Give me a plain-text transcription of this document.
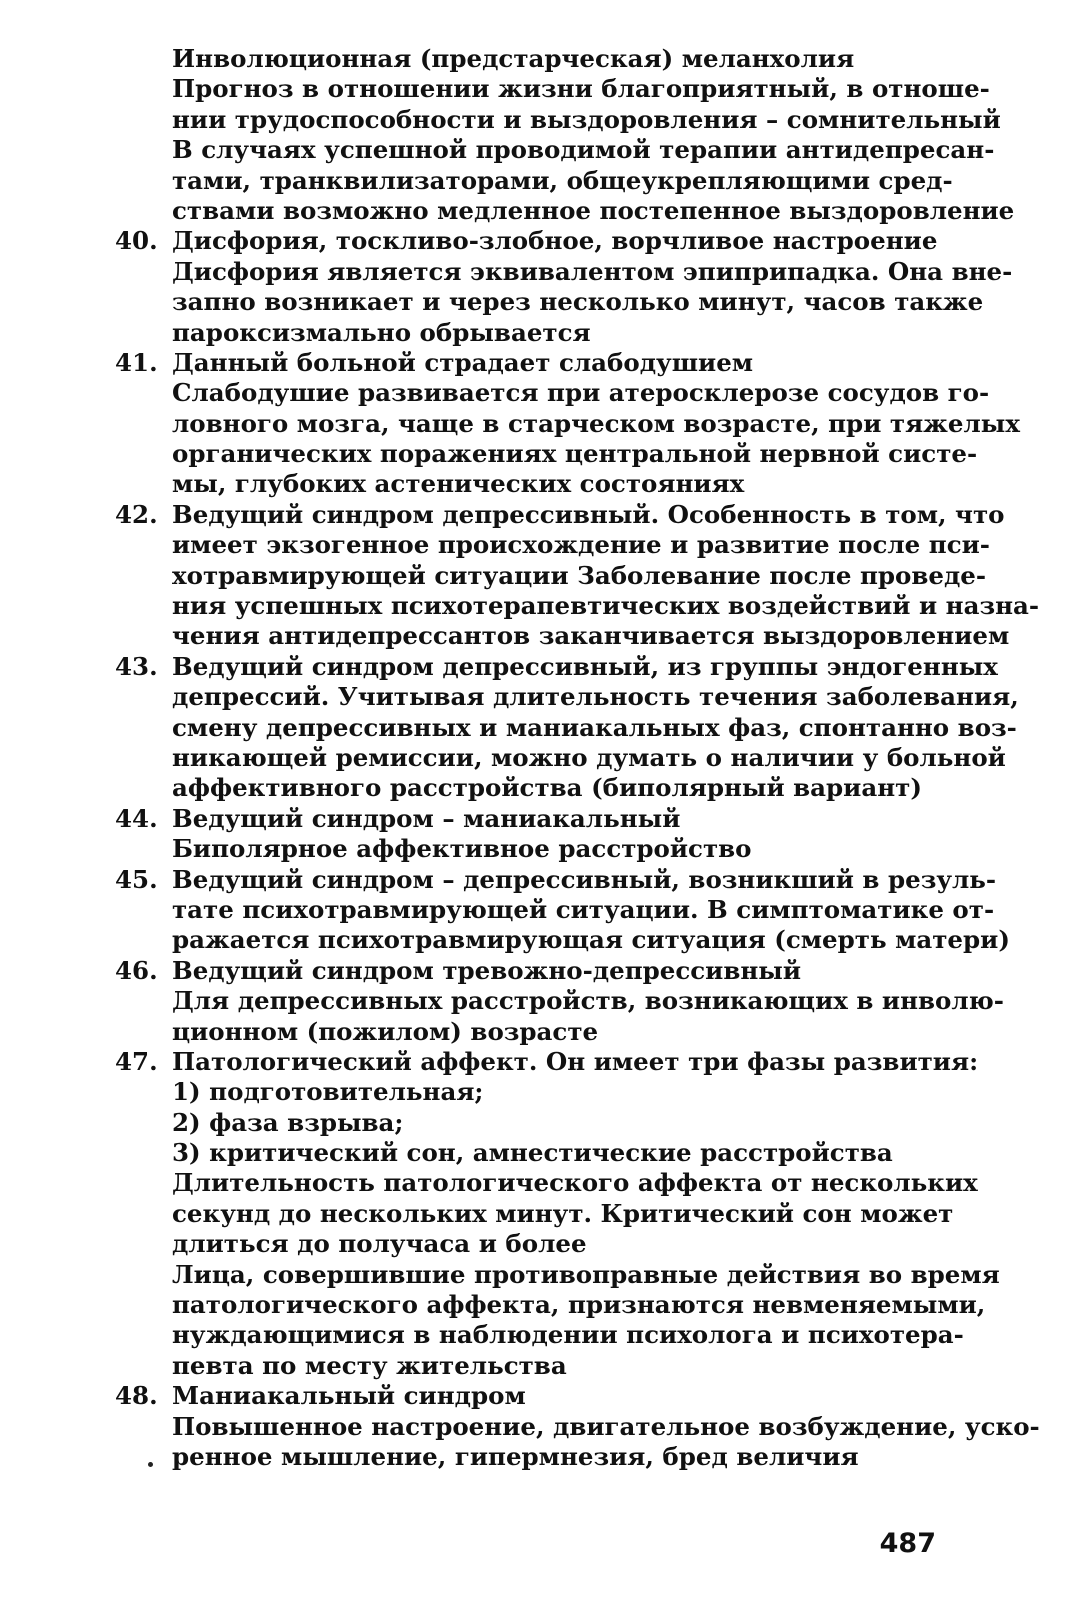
Инволюционная (предстарческая) меланхолия
Прогноз в отношении жизни благоприятный, в отноше-
нии трудоспособности и выздоровления – сомнительный
В случаях успешной проводимой терапии антидепресан-
тами, транквилизаторами, общеукрепляющими сред-
ствами возможно медленное постепенное выздоровление
40. Дисфория, тоскливо-злобное, ворчливое настроение
Дисфория является эквивалентом эпиприпадка. Она вне-
запно возникает и через несколько минут, часов также
пароксизмально обрывается
41. Данный больной страдает слабодушием
Слабодушие развивается при атеросклерозе сосудов го-
ловного мозга, чаще в старческом возрасте, при тяжелых
органических поражениях центральной нервной систе-
мы, глубоких астенических состояниях
42. Ведущий синдром депрессивный. Особенность в том, что
имеет экзогенное происхождение и развитие после пси-
хотравмирующей ситуации Заболевание после проведе-
ния успешных психотерапевтических воздействий и назна-
чения антидепрессантов заканчивается выздоровлением
43. Ведущий синдром депрессивный, из группы эндогенных
депрессий. Учитывая длительность течения заболевания,
смену депрессивных и маниакальных фаз, спонтанно воз-
никающей ремиссии, можно думать о наличии у больной
аффективного расстройства (биполярный вариант)
44. Ведущий синдром – маниакальный
Биполярное аффективное расстройство
45. Ведущий синдром – депрессивный, возникший в резуль-
тате психотравмирующей ситуации. В симптоматике от-
ражается психотравмирующая ситуация (смерть матери)
46. Ведущий синдром тревожно-депрессивный
Для депрессивных расстройств, возникающих в инволю-
ционном (пожилом) возрасте
47. Патологический аффект. Он имеет три фазы развития:
1) подготовительная;
2) фаза взрыва;
3) критический сон, амнестические расстройства
Длительность патологического аффекта от нескольких
секунд до нескольких минут. Критический сон может
длиться до получаса и более
Лица, совершившие противоправные действия во время
патологического аффекта, признаются невменяемыми,
нуждающимися в наблюдении психолога и психотера-
певта по месту жительства
48. Маниакальный синдром
Повышенное настроение, двигательное возбуждение, уско-
ренное мышление, гипермнезия, бред величия
487
